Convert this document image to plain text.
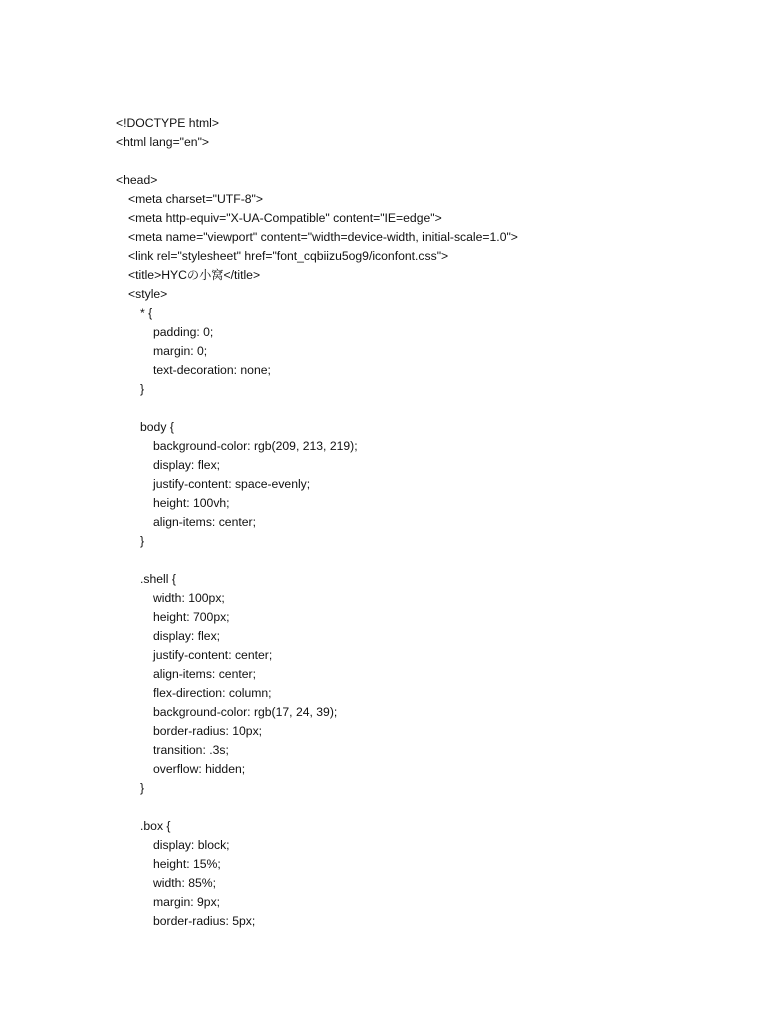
<!DOCTYPE html>
<html lang="en">
<head>
<meta charset="UTF-8">
<meta http-equiv="X-UA-Compatible" content="IE=edge">
<meta name="viewport" content="width=device-width, initial-scale=1.0">
<link rel="stylesheet" href="font_cqbiizu5og9/iconfont.css">
<title>HYCの小窝</title>
<style>
* {
padding: 0;
margin: 0;
text-decoration: none;
}
body {
background-color: rgb(209, 213, 219);
display: flex;
justify-content: space-evenly;
height: 100vh;
align-items: center;
}
.shell {
width: 100px;
height: 700px;
display: flex;
justify-content: center;
align-items: center;
flex-direction: column;
background-color: rgb(17, 24, 39);
border-radius: 10px;
transition: .3s;
overflow: hidden;
}
.box {
display: block;
height: 15%;
width: 85%;
margin: 9px;
border-radius: 5px;
